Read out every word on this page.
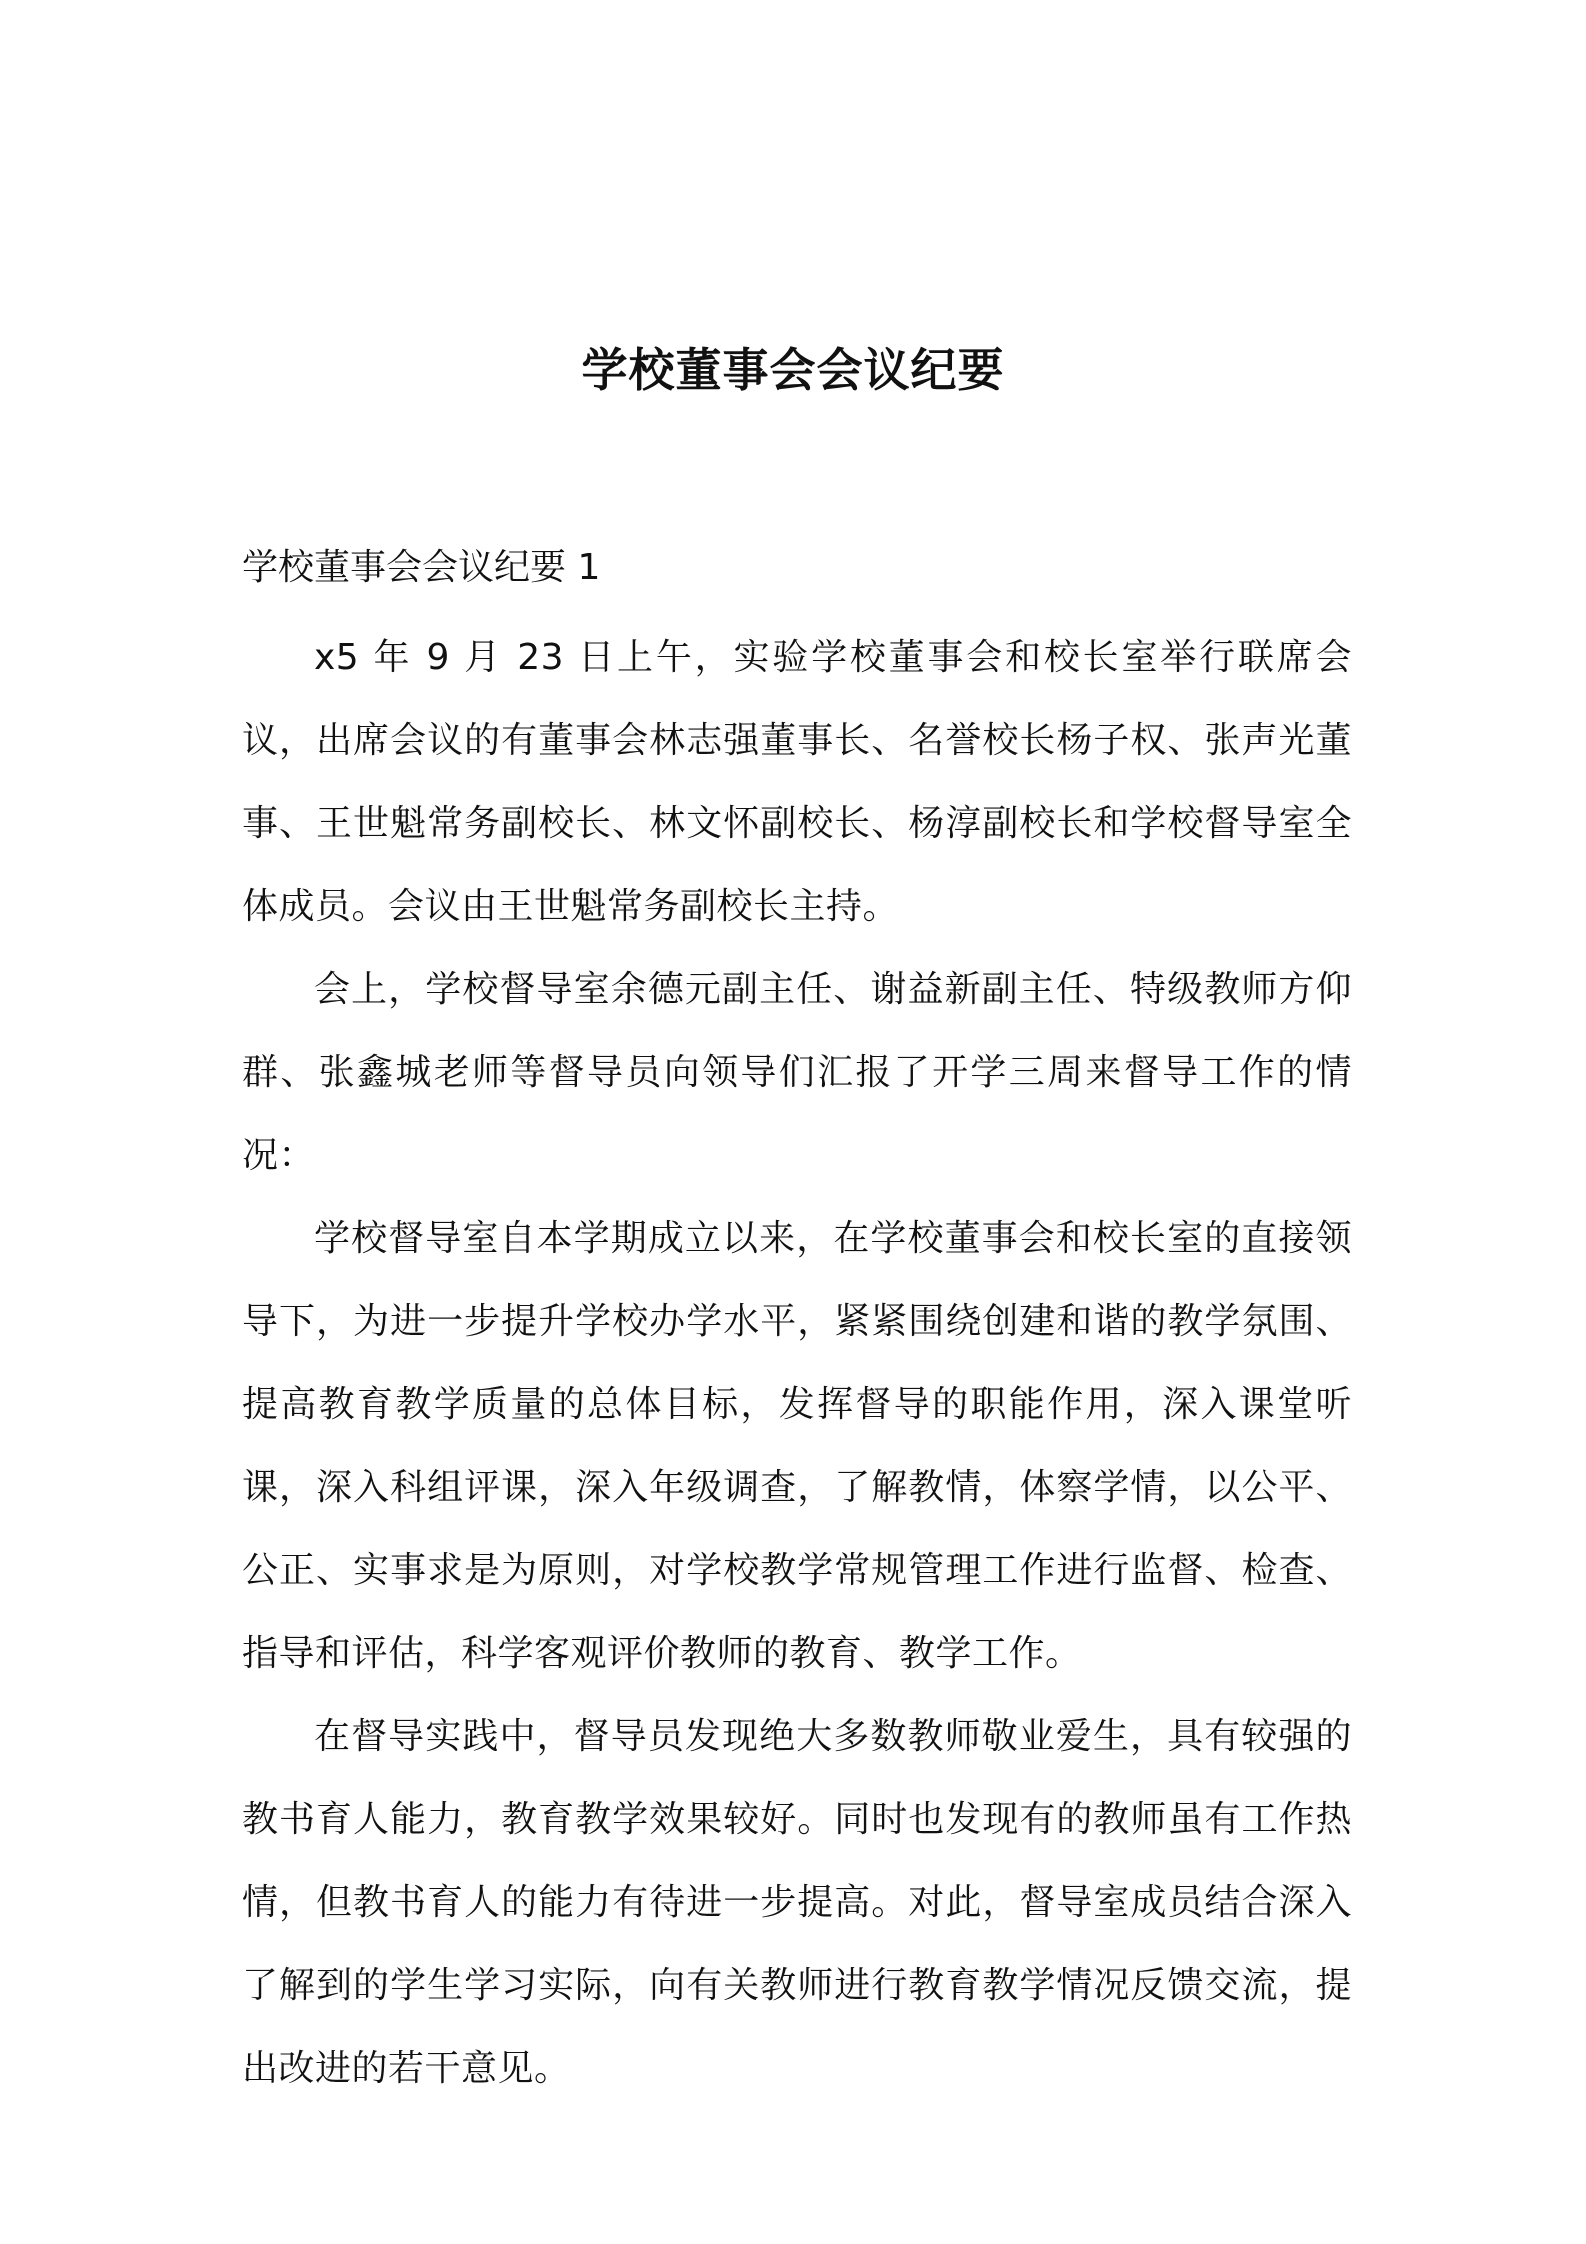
学校董事会会议纪要

学校董事会会议纪要 1

x5 年 9 月 23 日上午，实验学校董事会和校长室举行联席会议，出席会议的有董事会林志强董事长、名誉校长杨子权、张声光董事、王世魁常务副校长、林文怀副校长、杨淳副校长和学校督导室全体成员。会议由王世魁常务副校长主持。

会上，学校督导室余德元副主任、谢益新副主任、特级教师方仰群、张鑫城老师等督导员向领导们汇报了开学三周来督导工作的情况：

学校督导室自本学期成立以来，在学校董事会和校长室的直接领导下，为进一步提升学校办学水平，紧紧围绕创建和谐的教学氛围、提高教育教学质量的总体目标，发挥督导的职能作用，深入课堂听课，深入科组评课，深入年级调查，了解教情，体察学情，以公平、公正、实事求是为原则，对学校教学常规管理工作进行监督、检查、指导和评估，科学客观评价教师的教育、教学工作。

在督导实践中，督导员发现绝大多数教师敬业爱生，具有较强的教书育人能力，教育教学效果较好。同时也发现有的教师虽有工作热情，但教书育人的能力有待进一步提高。对此，督导室成员结合深入了解到的学生学习实际，向有关教师进行教育教学情况反馈交流，提出改进的若干意见。
